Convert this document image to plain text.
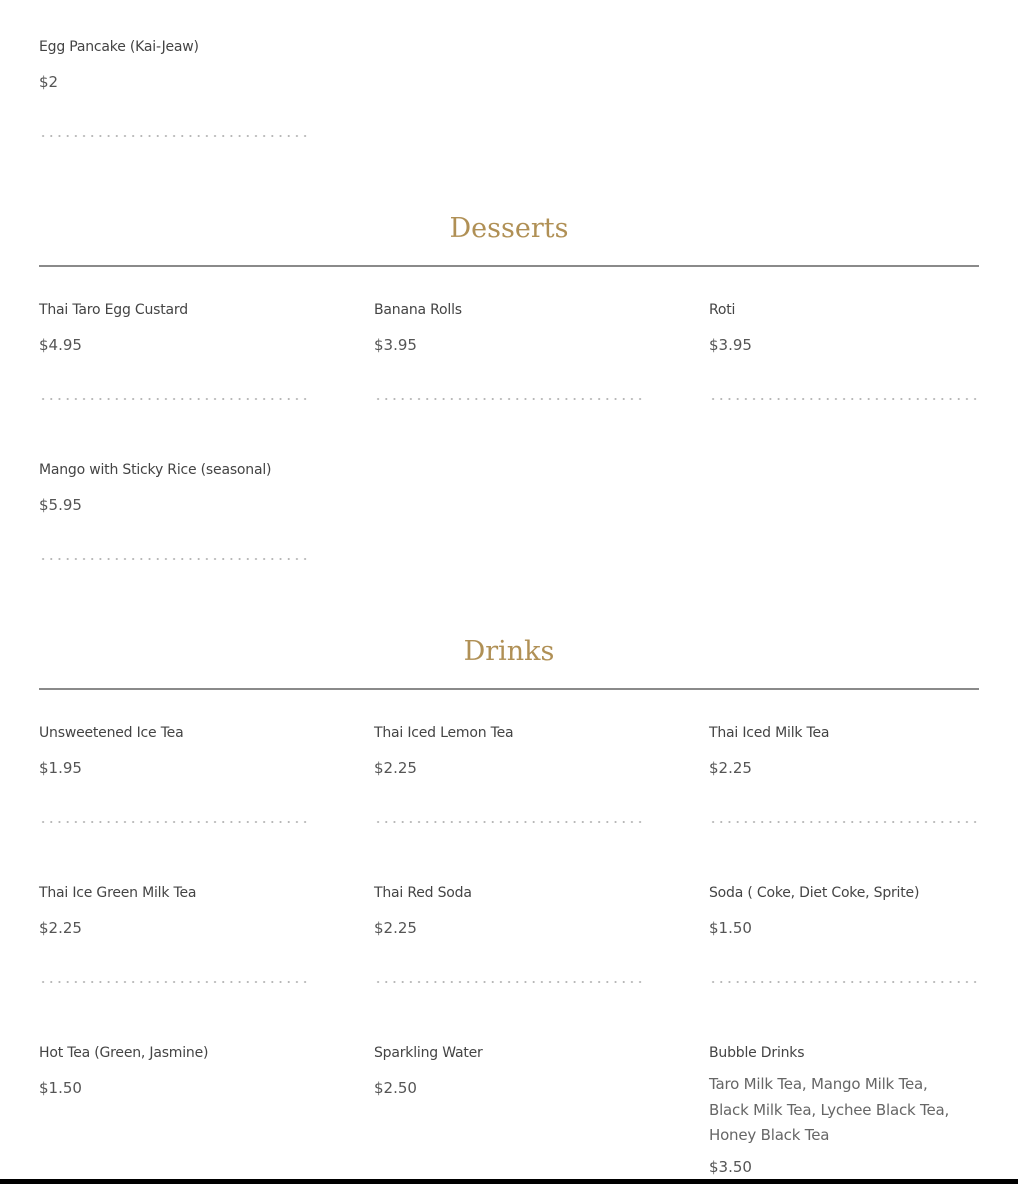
Egg Pancake (Kai-Jeaw)
$2
Desserts
Thai Taro Egg Custard
$4.95
Banana Rolls
$3.95
Roti
$3.95
Mango with Sticky Rice (seasonal)
$5.95
Drinks
Unsweetened Ice Tea
$1.95
Thai Iced Lemon Tea
$2.25
Thai Iced Milk Tea
$2.25
Thai Ice Green Milk Tea
$2.25
Thai Red Soda
$2.25
Soda ( Coke, Diet Coke, Sprite)
$1.50
Hot Tea (Green, Jasmine)
$1.50
Sparkling Water
$2.50
Bubble Drinks
Taro Milk Tea, Mango Milk Tea, Black Milk Tea, Lychee Black Tea, Honey Black Tea
$3.50
